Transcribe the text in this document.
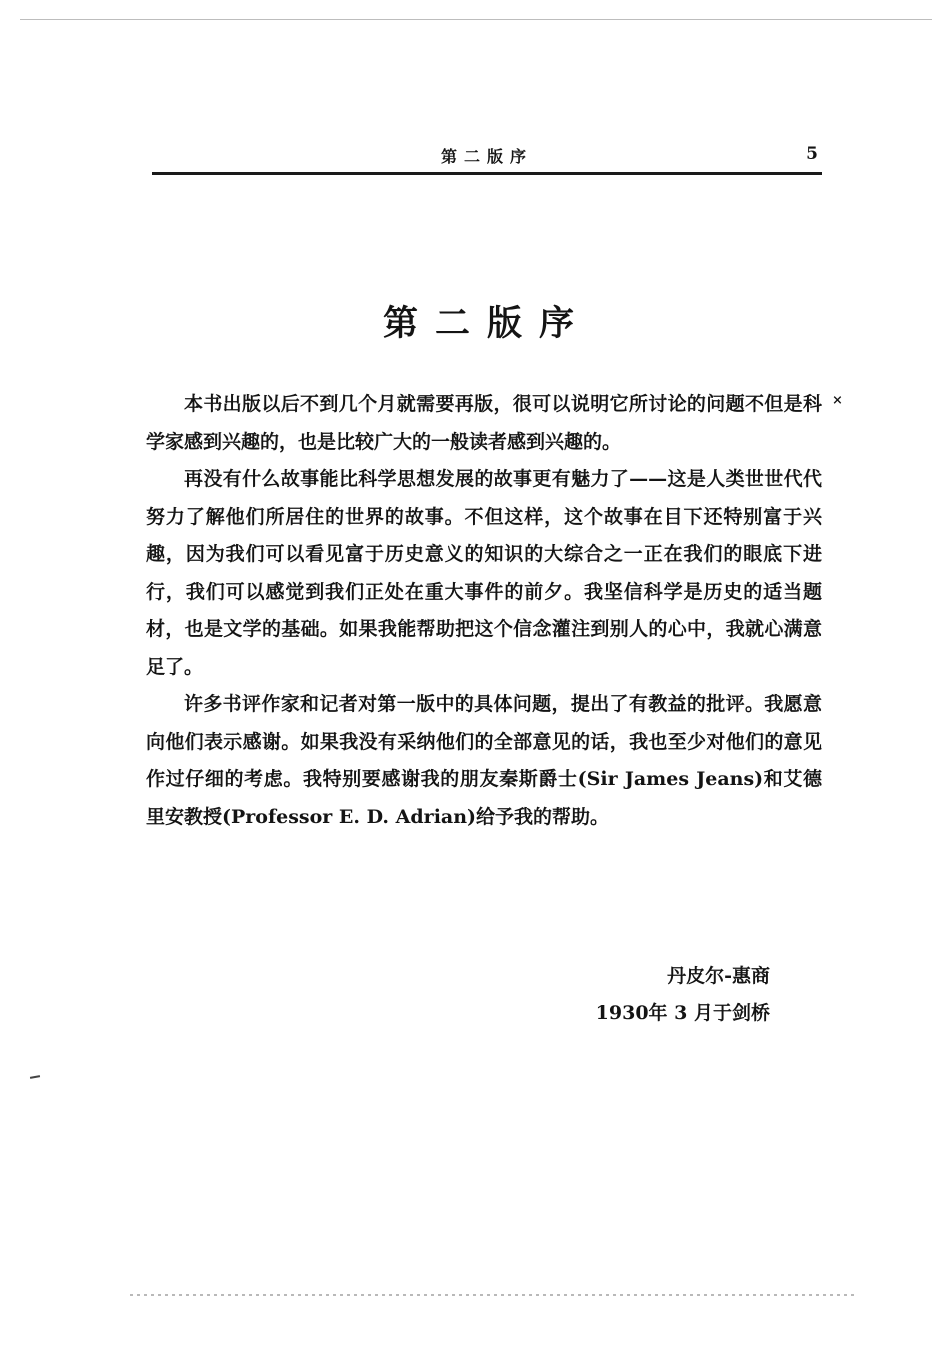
第二版序	5
第二版序
×

本书出版以后不到几个月就需要再版，很可以说明它所讨论的问题不但是科学家感到兴趣的，也是比较广大的一般读者感到兴趣的。

再没有什么故事能比科学思想发展的故事更有魅力了——这是人类世世代代努力了解他们所居住的世界的故事。不但这样，这个故事在目下还特别富于兴趣，因为我们可以看见富于历史意义的知识的大综合之一正在我们的眼底下进行，我们可以感觉到我们正处在重大事件的前夕。我坚信科学是历史的适当题材，也是文学的基础。如果我能帮助把这个信念灌注到别人的心中，我就心满意足了。

许多书评作家和记者对第一版中的具体问题，提出了有教益的批评。我愿意向他们表示感谢。如果我没有采纳他们的全部意见的话，我也至少对他们的意见作过仔细的考虑。我特别要感谢我的朋友秦斯爵士(Sir James Jeans)和艾德里安教授(Professor E. D. Adrian)给予我的帮助。

丹皮尔-惠商
1930年 3 月于剑桥
